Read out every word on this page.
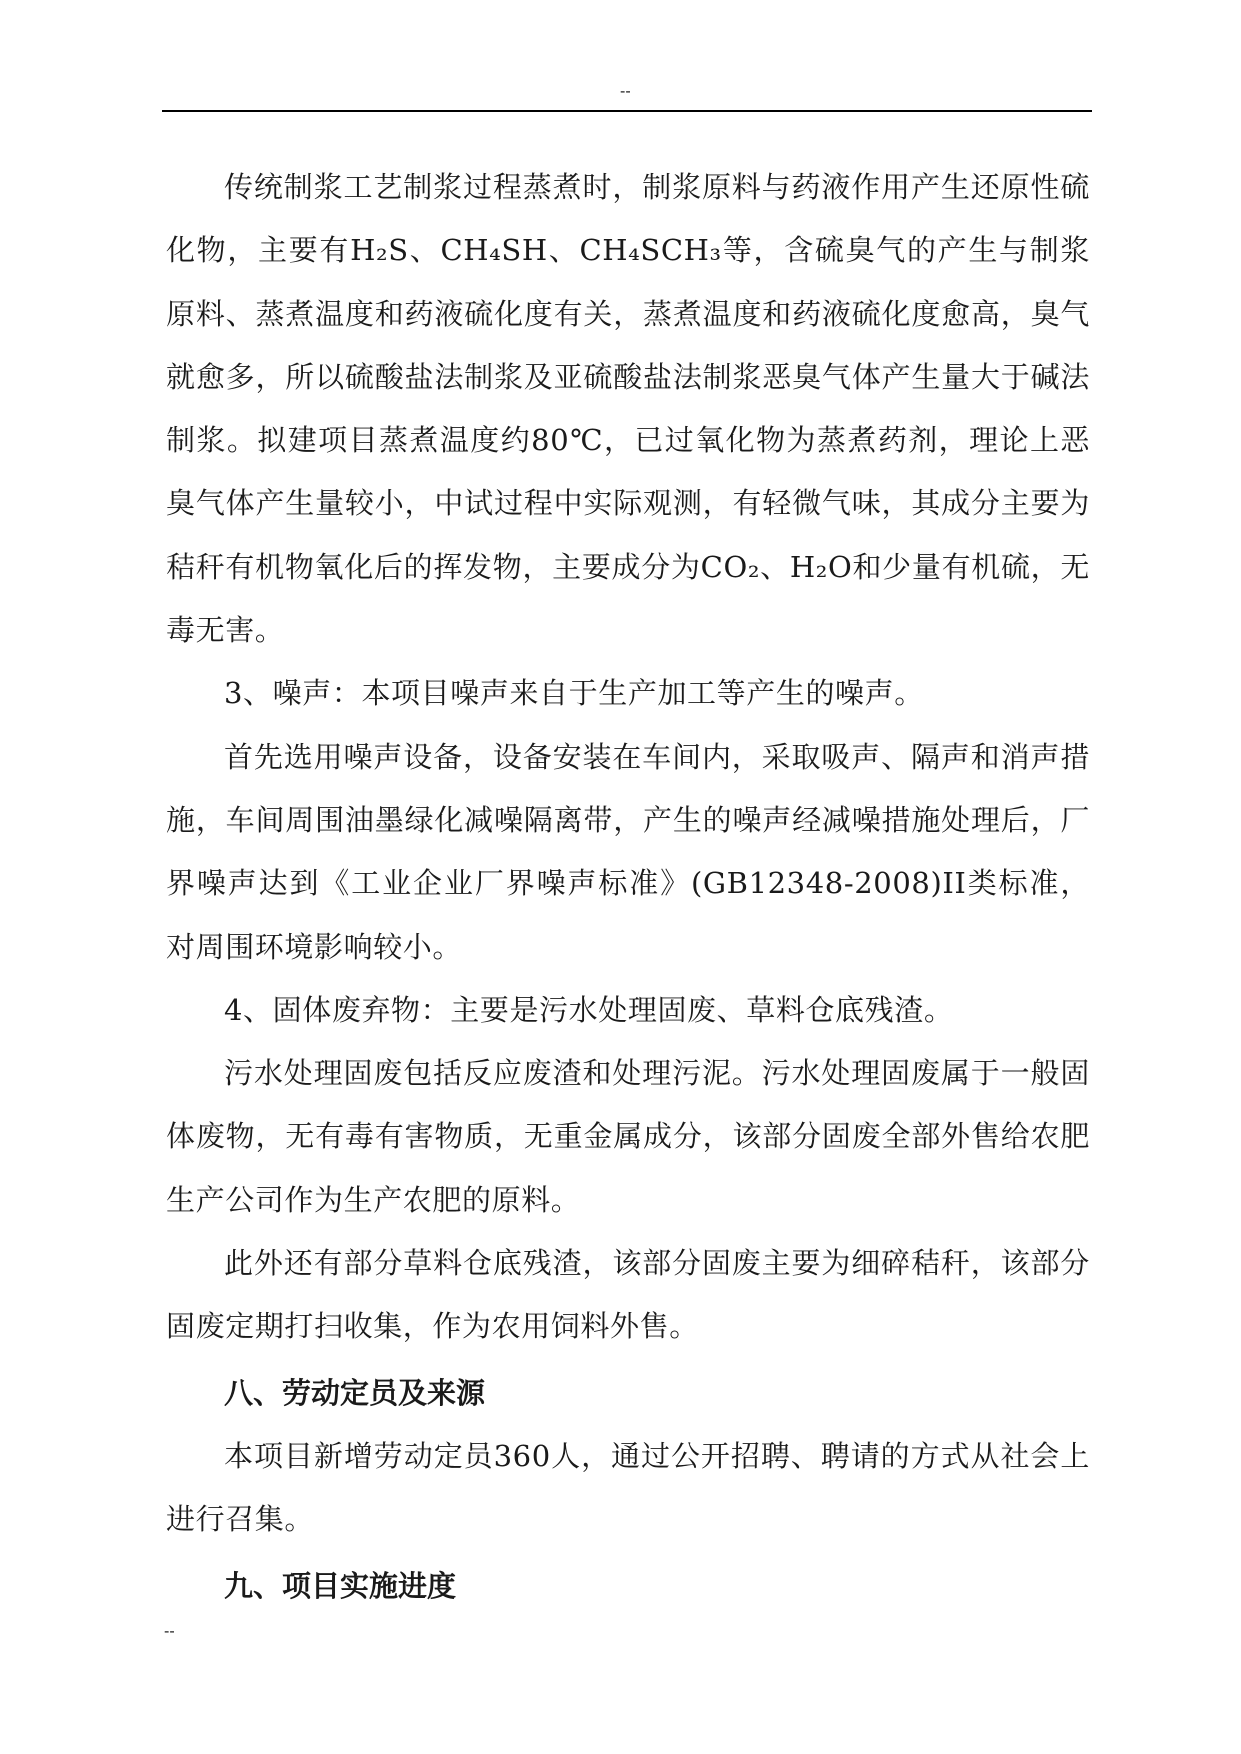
--

传统制浆工艺制浆过程蒸煮时，制浆原料与药液作用产生还原性硫化物，主要有H₂S、CH₄SH、CH₄SCH₃等，含硫臭气的产生与制浆原料、蒸煮温度和药液硫化度有关，蒸煮温度和药液硫化度愈高，臭气就愈多，所以硫酸盐法制浆及亚硫酸盐法制浆恶臭气体产生量大于碱法制浆。拟建项目蒸煮温度约80℃，已过氧化物为蒸煮药剂，理论上恶臭气体产生量较小，中试过程中实际观测，有轻微气味，其成分主要为秸秆有机物氧化后的挥发物，主要成分为CO₂、H₂O和少量有机硫，无毒无害。

3、噪声：本项目噪声来自于生产加工等产生的噪声。

首先选用噪声设备，设备安装在车间内，采取吸声、隔声和消声措施，车间周围油墨绿化减噪隔离带，产生的噪声经减噪措施处理后，厂界噪声达到《工业企业厂界噪声标准》(GB12348-2008)II类标准，对周围环境影响较小。

4、固体废弃物：主要是污水处理固废、草料仓底残渣。

污水处理固废包括反应废渣和处理污泥。污水处理固废属于一般固体废物，无有毒有害物质，无重金属成分，该部分固废全部外售给农肥生产公司作为生产农肥的原料。

此外还有部分草料仓底残渣，该部分固废主要为细碎秸秆，该部分固废定期打扫收集，作为农用饲料外售。

八、劳动定员及来源

本项目新增劳动定员360人，通过公开招聘、聘请的方式从社会上进行召集。

九、项目实施进度
--
